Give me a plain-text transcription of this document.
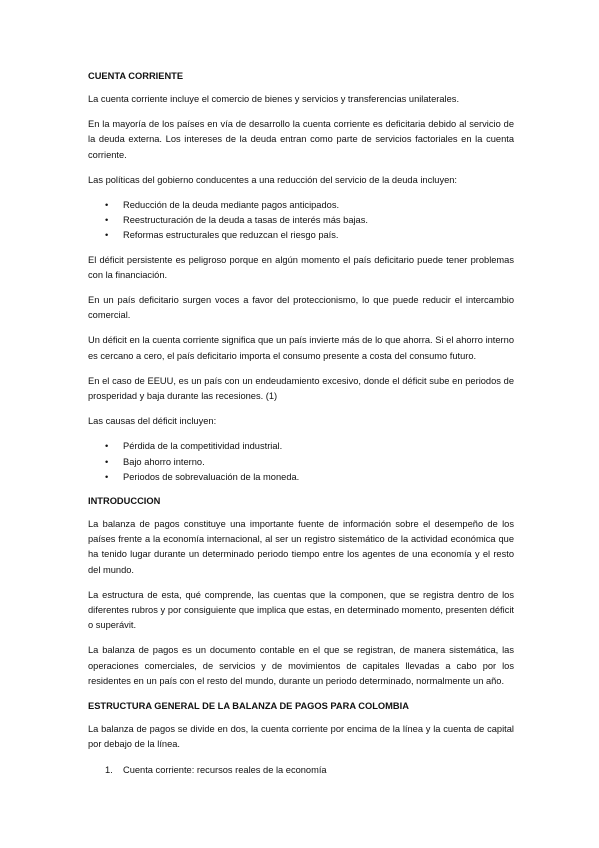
CUENTA CORRIENTE

La cuenta corriente incluye el comercio de bienes y servicios y transferencias unilaterales.

En la mayoría de los países en vía de desarrollo la cuenta corriente es deficitaria debido al servicio de la deuda externa. Los intereses de la deuda entran como parte de servicios factoriales en la cuenta corriente.

Las políticas del gobierno conducentes a una reducción del servicio de la deuda incluyen:

• Reducción de la deuda mediante pagos anticipados.
• Reestructuración de la deuda a tasas de interés más bajas.
• Reformas estructurales que reduzcan el riesgo país.

El déficit persistente es peligroso porque en algún momento el país deficitario puede tener problemas con la financiación.

En un país deficitario surgen voces a favor del proteccionismo, lo que puede reducir el intercambio comercial.

Un déficit en la cuenta corriente significa que un país invierte más de lo que ahorra. Si el ahorro interno es cercano a cero, el país deficitario importa el consumo presente a costa del consumo futuro.

En el caso de EEUU, es un país con un endeudamiento excesivo, donde el déficit sube en periodos de prosperidad y baja durante las recesiones. (1)

Las causas del déficit incluyen:

• Pérdida de la competitividad industrial.
• Bajo ahorro interno.
• Periodos de sobrevaluación de la moneda.
INTRODUCCION

La balanza de pagos constituye una importante fuente de información sobre el desempeño de los países frente a la economía internacional, al ser un registro sistemático de la actividad económica que ha tenido lugar durante un determinado periodo tiempo entre los agentes de una economía y el resto del mundo.

La estructura de esta, qué comprende, las cuentas que la componen, que se registra dentro de los diferentes rubros y por consiguiente que implica que estas, en determinado momento, presenten déficit o superávit.

La balanza de pagos es un documento contable en el que se registran, de manera sistemática, las operaciones comerciales, de servicios y de movimientos de capitales llevadas a cabo por los residentes en un país con el resto del mundo, durante un periodo determinado, normalmente un año.

ESTRUCTURA GENERAL DE LA BALANZA DE PAGOS PARA COLOMBIA

La balanza de pagos se divide en dos, la cuenta corriente por encima de la línea y la cuenta de capital por debajo de la línea.

1. Cuenta corriente: recursos reales de la economía
